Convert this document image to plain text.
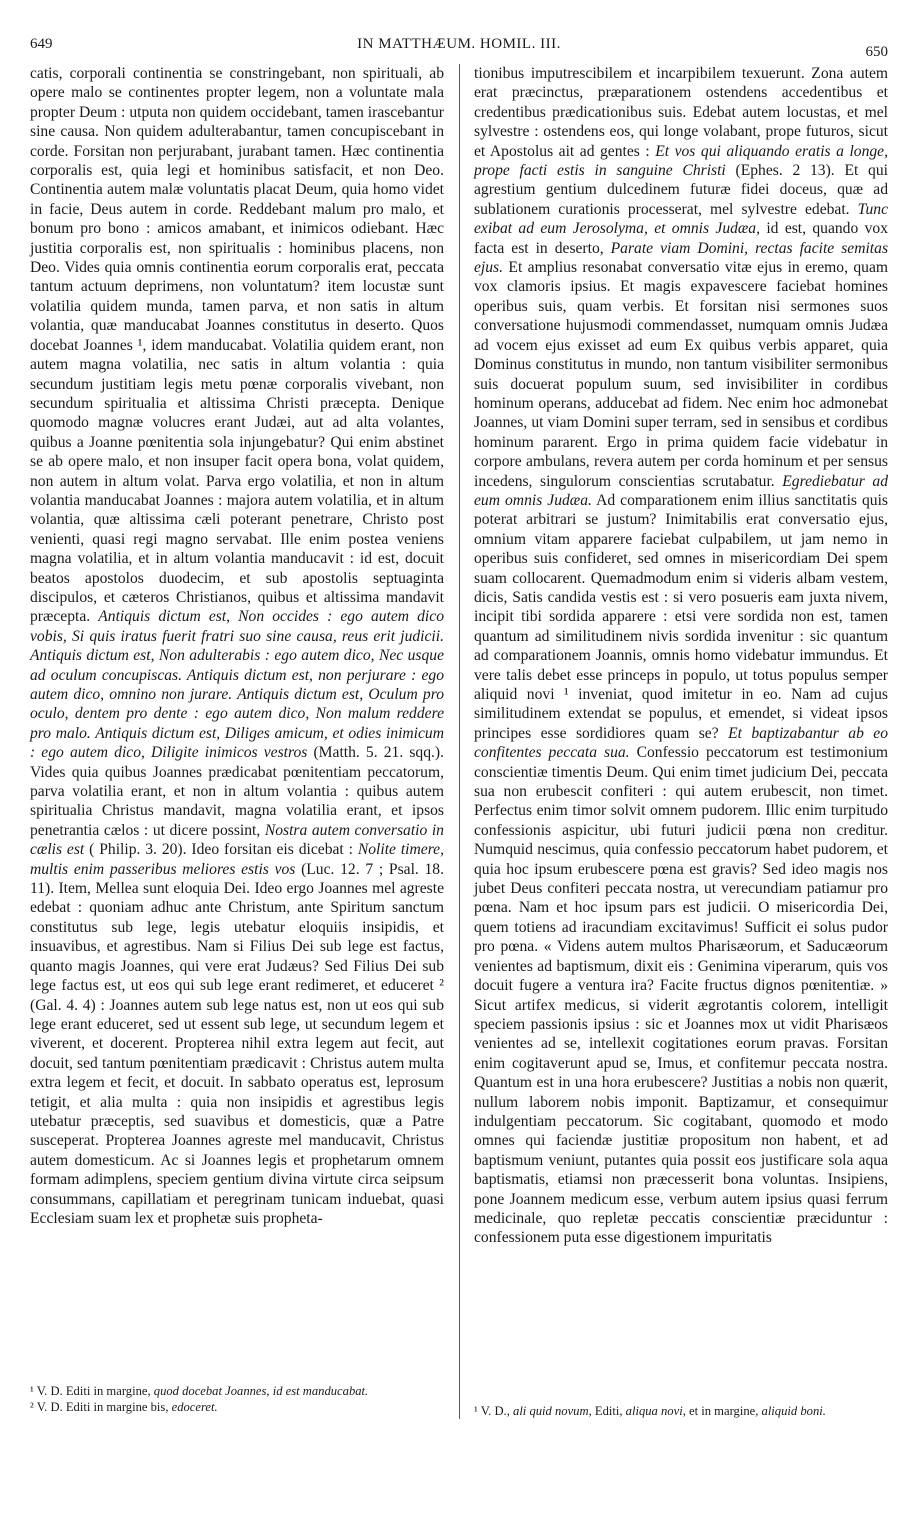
649	IN MATTHÆUM. HOMIL. III.	650

catis, corporali continentia se constringebant, non spirituali, ab opere malo se continentes propter legem, non a voluntate mala propter Deum : utputa non quidem occidebant, tamen irascebantur sine causa. Non quidem adulterabantur, tamen concupiscebant in corde. Forsitan non perjurabant, jurabant tamen. Hæc continentia corporalis est, quia legi et hominibus satisfacit, et non Deo. Continentia autem malæ voluntatis placat Deum, quia homo videt in facie, Deus autem in corde. Reddebant malum pro malo, et bonum pro bono : amicos amabant, et inimicos odiebant. Hæc justitia corporalis est, non spiritualis : hominibus placens, non Deo. Vides quia omnis continentia eorum corporalis erat, peccata tantum actuum deprimens, non voluntatum? item locustæ sunt volatilia quidem munda, tamen parva, et non satis in altum volantia, quæ manducabat Joannes constitutus in deserto. Quos docebat Joannes ¹, idem manducabat. Volatilia quidem erant, non autem magna volatilia, nec satis in altum volantia : quia secundum justitiam legis metu pœnæ corporalis vivebant, non secundum spiritualia et altissima Christi præcepta. Denique quomodo magnæ volucres erant Judæi, aut ad alta volantes, quibus a Joanne pœnitentia sola injungebatur? Qui enim abstinet se ab opere malo, et non insuper facit opera bona, volat quidem, non autem in altum volat. Parva ergo volatilia, et non in altum volantia manducabat Joannes : majora autem volatilia, et in altum volantia, quæ altissima cæli poterant penetrare, Christo post venienti, quasi regi magno servabat. Ille enim postea veniens magna volatilia, et in altum volantia manducavit : id est, docuit beatos apostolos duodecim, et sub apostolis septuaginta discipulos, et cæteros Christianos, quibus et altissima mandavit præcepta. Antiquis dictum est, Non occides : ego autem dico vobis, Si quis iratus fuerit fratri suo sine causa, reus erit judicii. Antiquis dictum est, Non adulterabis : ego autem dico, Nec usque ad oculum concupiscas. Antiquis dictum est, non perjurare : ego autem dico, omnino non jurare. Antiquis dictum est, Oculum pro oculo, dentem pro dente : ego autem dico, Non malum reddere pro malo. Antiquis dictum est, Diliges amicum, et odies inimicum : ego autem dico, Diligite inimicos vestros (Matth. 5. 21. sqq.). Vides quia quibus Joannes prædicabat pœnitentiam peccatorum, parva volatilia erant, et non in altum volantia : quibus autem spiritualia Christus mandavit, magna volatilia erant, et ipsos penetrantia cælos : ut dicere possint, Nostra autem conversatio in cælis est ( Philip. 3. 20). Ideo forsitan eis dicebat : Nolite timere, multis enim passeribus meliores estis vos (Luc. 12. 7 ; Psal. 18. 11). Item, Mellea sunt eloquia Dei. Ideo ergo Joannes mel agreste edebat : quoniam adhuc ante Christum, ante Spiritum sanctum constitutus sub lege, legis utebatur eloquiis insipidis, et insuavibus, et agrestibus. Nam si Filius Dei sub lege est factus, quanto magis Joannes, qui vere erat Judæus? Sed Filius Dei sub lege factus est, ut eos qui sub lege erant redimeret, et educeret ² (Gal. 4. 4) : Joannes autem sub lege natus est, non ut eos qui sub lege erant educeret, sed ut essent sub lege, ut secundum legem et viverent, et docerent. Propterea nihil extra legem aut fecit, aut docuit, sed tantum pœnitentiam prædicavit : Christus autem multa extra legem et fecit, et docuit. In sabbato operatus est, leprosum tetigit, et alia multa : quia non insipidis et agrestibus legis utebatur præceptis, sed suavibus et domesticis, quæ a Patre susceperat. Propterea Joannes agreste mel manducavit, Christus autem domesticum. Ac si Joannes legis et prophetarum omnem formam adimplens, speciem gentium divina virtute circa seipsum consummans, capillatiam et peregrinam tunicam induebat, quasi Ecclesiam suam lex et prophetæ suis propheta-

tionibus imputrescibilem et incarpibilem texuerunt. Zona autem erat præcinctus, præparationem ostendens accedentibus et credentibus prædicationibus suis. Edebat autem locustas, et mel sylvestre : ostendens eos, qui longe volabant, prope futuros, sicut et Apostolus ait ad gentes : Et vos qui aliquando eratis a longe, prope facti estis in sanguine Christi (Ephes. 2 13). Et qui agrestium gentium dulcedinem futuræ fidei doceus, quæ ad sublationem curationis processerat, mel sylvestre edebat. Tunc exibat ad eum Jerosolyma, et omnis Judæa, id est, quando vox facta est in deserto, Parate viam Domini, rectas facite semitas ejus. Et amplius resonabat conversatio vitæ ejus in eremo, quam vox clamoris ipsius. Et magis expavescere faciebat homines operibus suis, quam verbis. Et forsitan nisi sermones suos conversatione hujusmodi commendasset, numquam omnis Judæa ad vocem ejus exisset ad eum Ex quibus verbis apparet, quia Dominus constitutus in mundo, non tantum visibiliter sermonibus suis docuerat populum suum, sed invisibiliter in cordibus hominum operans, adducebat ad fidem. Nec enim hoc admonebat Joannes, ut viam Domini super terram, sed in sensibus et cordibus hominum pararent. Ergo in prima quidem facie videbatur in corpore ambulans, revera autem per corda hominum et per sensus incedens, singulorum conscientias scrutabatur. Egrediebatur ad eum omnis Judæa. Ad comparationem enim illius sanctitatis quis poterat arbitrari se justum? Inimitabilis erat conversatio ejus, omnium vitam apparere faciebat culpabilem, ut jam nemo in operibus suis confideret, sed omnes in misericordiam Dei spem suam collocarent. Quemadmodum enim si videris albam vestem, dicis, Satis candida vestis est : si vero posueris eam juxta nivem, incipit tibi sordida apparere : etsi vere sordida non est, tamen quantum ad similitudinem nivis sordida invenitur : sic quantum ad comparationem Joannis, omnis homo videbatur immundus. Et vere talis debet esse princeps in populo, ut totus populus semper aliquid novi ¹ inveniat, quod imitetur in eo. Nam ad cujus similitudinem extendat se populus, et emendet, si videat ipsos principes esse sordidiores quam se? Et baptizabantur ab eo confitentes peccata sua. Confessio peccatorum est testimonium conscientiæ timentis Deum. Qui enim timet judicium Dei, peccata sua non erubescit confiteri : qui autem erubescit, non timet. Perfectus enim timor solvit omnem pudorem. Illic enim turpitudo confessionis aspicitur, ubi futuri judicii pœna non creditur. Numquid nescimus, quia confessio peccatorum habet pudorem, et quia hoc ipsum erubescere pœna est gravis? Sed ideo magis nos jubet Deus confiteri peccata nostra, ut verecundiam patiamur pro pœna. Nam et hoc ipsum pars est judicii. O misericordia Dei, quem totiens ad iracundiam excitavimus! Sufficit ei solus pudor pro pœna. « Videns autem multos Pharisæorum, et Saducæorum venientes ad baptismum, dixit eis : Genimina viperarum, quis vos docuit fugere a ventura ira? Facite fructus dignos pœnitentiæ. » Sicut artifex medicus, si viderit ægrotantis colorem, intelligit speciem passionis ipsius : sic et Joannes mox ut vidit Pharisæos venientes ad se, intellexit cogitationes eorum pravas. Forsitan enim cogitaverunt apud se, Imus, et confitemur peccata nostra. Quantum est in una hora erubescere? Justitias a nobis non quærit, nullum laborem nobis imponit. Baptizamur, et consequimur indulgentiam peccatorum. Sic cogitabant, quomodo et modo omnes qui faciendæ justitiæ propositum non habent, et ad baptismum veniunt, putantes quia possit eos justificare sola aqua baptismatis, etiamsi non præcesserit bona voluntas. Insipiens, pone Joannem medicum esse, verbum autem ipsius quasi ferrum medicinale, quo repletæ peccatis conscientiæ præciduntur : confessionem puta esse digestionem impuritatis

¹ V. D. Editi in margine, quod docebat Joannes, id est manducabat.

² V. D. Editi in margine bis, edoceret.	¹ V. D., ali quid novum, Editi, aliqua novi, et in margine, aliquid boni.
